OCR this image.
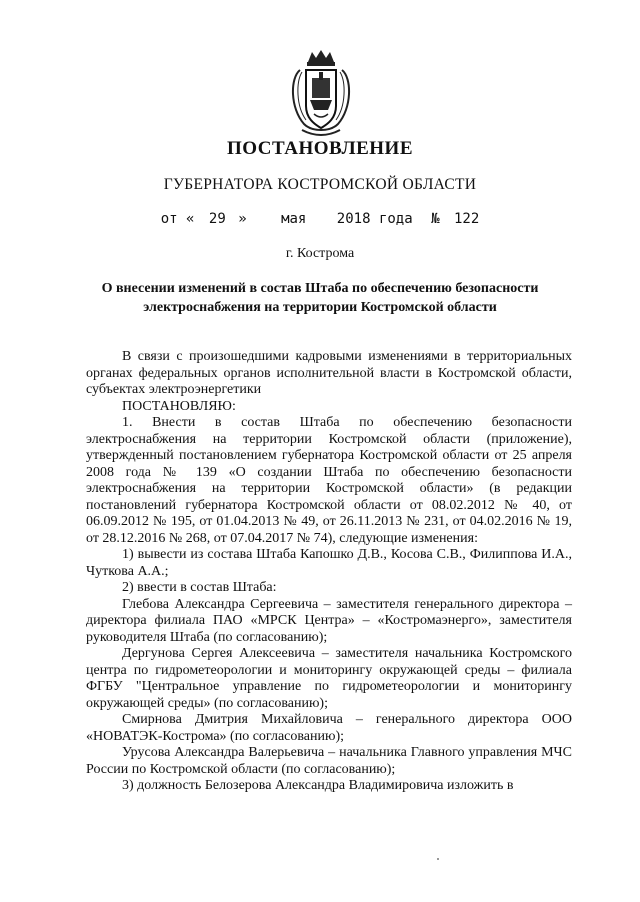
ПОСТАНОВЛЕНИЕ
ГУБЕРНАТОРА КОСТРОМСКОЙ ОБЛАСТИ
от « 29 » мая 2018 года № 122
г. Кострома
О внесении изменений в состав Штаба по обеспечению безопасности электроснабжения на территории Костромской области

В связи с произошедшими кадровыми изменениями в территориальных органах федеральных органов исполнительной власти в Костромской области, субъектах электроэнергетики

ПОСТАНОВЛЯЮ:

1. Внести в состав Штаба по обеспечению безопасности электроснабжения на территории Костромской области (приложение), утвержденный постановлением губернатора Костромской области от 25 апреля 2008 года № 139 «О создании Штаба по обеспечению безопасности электроснабжения на территории Костромской области» (в редакции постановлений губернатора Костромской области от 08.02.2012 № 40, от 06.09.2012 № 195, от 01.04.2013 № 49, от 26.11.2013 № 231, от 04.02.2016 № 19, от 28.12.2016 № 268, от 07.04.2017 № 74), следующие изменения:

1) вывести из состава Штаба Капошко Д.В., Косова С.В., Филиппова И.А., Чуткова А.А.;

2) ввести в состав Штаба:

Глебова Александра Сергеевича – заместителя генерального директора – директора филиала ПАО «МРСК Центра» – «Костромаэнерго», заместителя руководителя Штаба (по согласованию);

Дергунова Сергея Алексеевича – заместителя начальника Костромского центра по гидрометеорологии и мониторингу окружающей среды – филиала ФГБУ "Центральное управление по гидрометеорологии и мониторингу окружающей среды» (по согласованию);

Смирнова Дмитрия Михайловича – генерального директора ООО «НОВАТЭК-Кострома» (по согласованию);

Урусова Александра Валерьевича – начальника Главного управления МЧС России по Костромской области (по согласованию);

3) должность Белозерова Александра Владимировича изложить в
